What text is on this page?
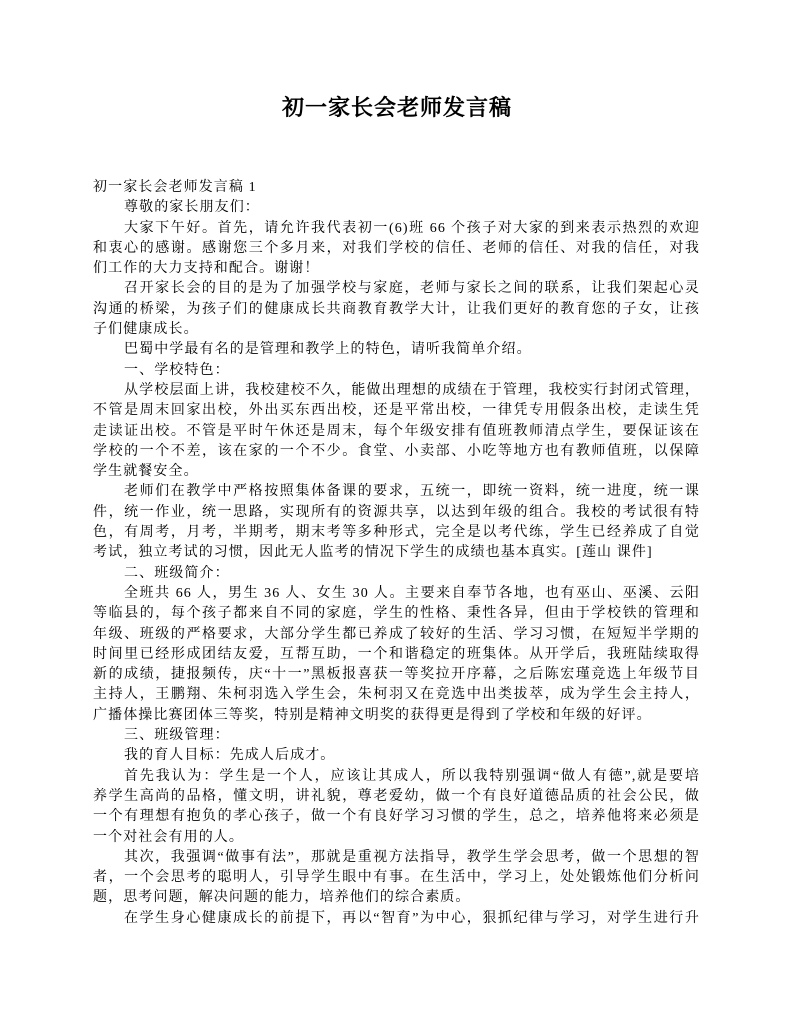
初一家长会老师发言稿
初一家长会老师发言稿 1
尊敬的家长朋友们：
大家下午好。首先，请允许我代表初一(6)班 66 个孩子对大家的到来表示热烈的欢迎
和衷心的感谢。感谢您三个多月来，对我们学校的信任、老师的信任、对我的信任，对我
们工作的大力支持和配合。谢谢！
召开家长会的目的是为了加强学校与家庭，老师与家长之间的联系，让我们架起心灵
沟通的桥梁，为孩子们的健康成长共商教育教学大计，让我们更好的教育您的子女，让孩
子们健康成长。
巴蜀中学最有名的是管理和教学上的特色，请听我简单介绍。
一、学校特色：
从学校层面上讲，我校建校不久，能做出理想的成绩在于管理，我校实行封闭式管理，
不管是周末回家出校，外出买东西出校，还是平常出校，一律凭专用假条出校，走读生凭
走读证出校。不管是平时午休还是周末，每个年级安排有值班教师清点学生，要保证该在
学校的一个不差，该在家的一个不少。食堂、小卖部、小吃等地方也有教师值班，以保障
学生就餐安全。
老师们在教学中严格按照集体备课的要求，五统一，即统一资料，统一进度，统一课
件，统一作业，统一思路，实现所有的资源共享，以达到年级的组合。我校的考试很有特
色，有周考，月考，半期考，期末考等多种形式，完全是以考代练，学生已经养成了自觉
考试，独立考试的习惯，因此无人监考的情况下学生的成绩也基本真实。[莲山 课件]
二、班级简介：
全班共 66 人，男生 36 人、女生 30 人。主要来自奉节各地，也有巫山、巫溪、云阳
等临县的，每个孩子都来自不同的家庭，学生的性格、秉性各异，但由于学校铁的管理和
年级、班级的严格要求，大部分学生都已养成了较好的生活、学习习惯，在短短半学期的
时间里已经形成团结友爱，互帮互助，一个和谐稳定的班集体。从开学后，我班陆续取得
新的成绩，捷报频传，庆“十一”黑板报喜获一等奖拉开序幕，之后陈宏瑾竞选上年级节目
主持人，王鹏翔、朱柯羽选入学生会，朱柯羽又在竞选中出类拔萃，成为学生会主持人，
广播体操比赛团体三等奖，特别是精神文明奖的获得更是得到了学校和年级的好评。
三、班级管理：
我的育人目标：先成人后成才。
首先我认为：学生是一个人，应该让其成人，所以我特别强调“做人有德”,就是要培
养学生高尚的品格，懂文明，讲礼貌，尊老爱幼，做一个有良好道德品质的社会公民，做
一个有理想有抱负的孝心孩子，做一个有良好学习习惯的学生，总之，培养他将来必须是
一个对社会有用的人。
其次，我强调“做事有法”，那就是重视方法指导，教学生学会思考，做一个思想的智
者，一个会思考的聪明人，引导学生眼中有事。在生活中，学习上，处处锻炼他们分析问
题，思考问题，解决问题的能力，培养他们的综合素质。
在学生身心健康成长的前提下，再以“智育”为中心，狠抓纪律与学习，对学生进行升
